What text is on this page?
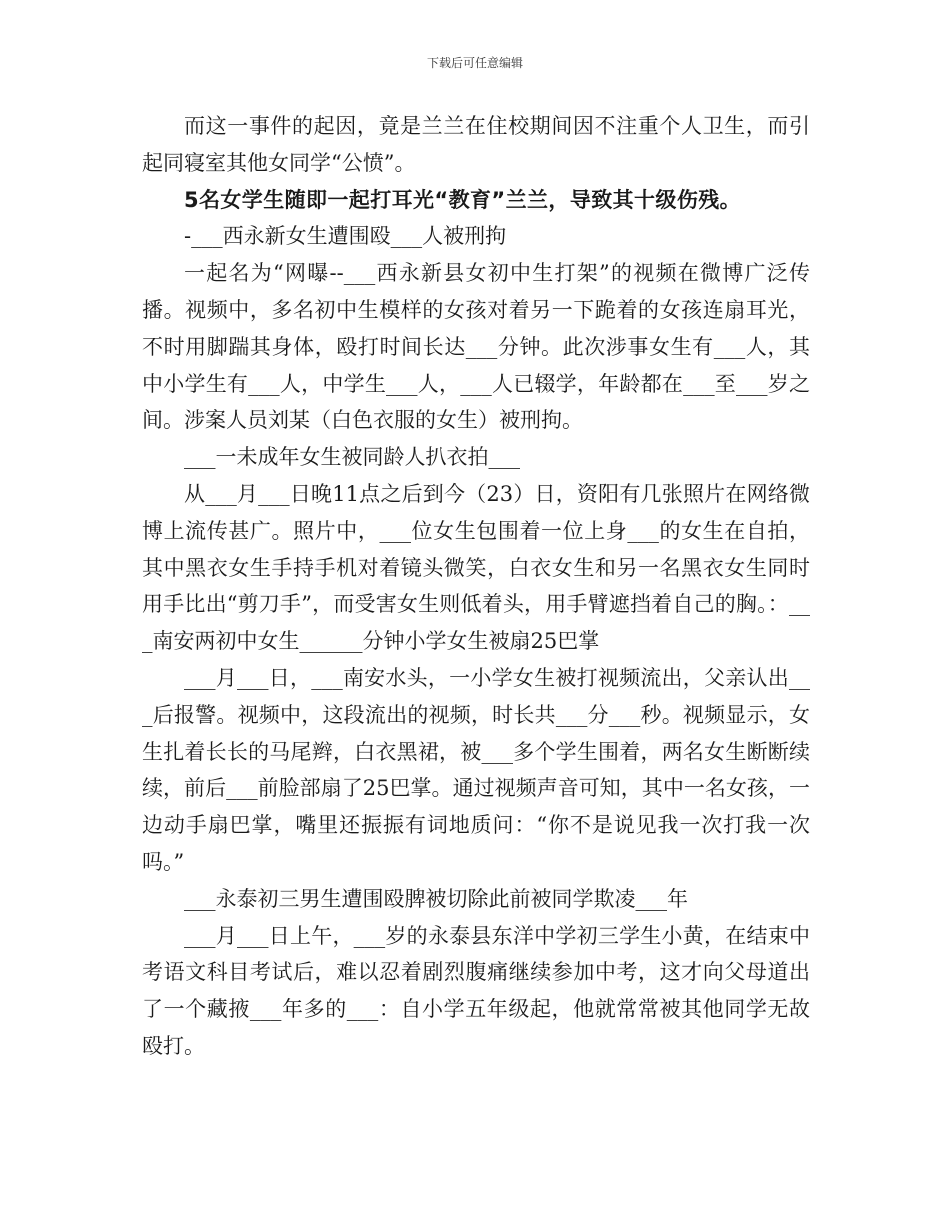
下载后可任意编辑

而这一事件的起因，竟是兰兰在住校期间因不注重个人卫生，而引起同寝室其他女同学“公愤”。

5名女学生随即一起打耳光“教育”兰兰，导致其十级伤残。

-___西永新女生遭围殴___人被刑拘

一起名为“网曝--___西永新县女初中生打架”的视频在微博广泛传播。视频中，多名初中生模样的女孩对着另一下跪着的女孩连扇耳光，不时用脚踹其身体，殴打时间长达___分钟。此次涉事女生有___人，其中小学生有___人，中学生___人，___人已辍学，年龄都在___至___岁之间。涉案人员刘某（白色衣服的女生）被刑拘。

___一未成年女生被同龄人扒衣拍___

从___月___日晚11点之后到今（23）日，资阳有几张照片在网络微博上流传甚广。照片中，___位女生包围着一位上身___的女生在自拍，其中黑衣女生手持手机对着镜头微笑，白衣女生和另一名黑衣女生同时用手比出“剪刀手”，而受害女生则低着头，用手臂遮挡着自己的胸。：___南安两初中女生______分钟小学女生被扇25巴掌

___月___日，___南安水头，一小学女生被打视频流出，父亲认出___后报警。视频中，这段流出的视频，时长共___分___秒。视频显示，女生扎着长长的马尾辫，白衣黑裙，被___多个学生围着，两名女生断断续续，前后___前脸部扇了25巴掌。通过视频声音可知，其中一名女孩，一边动手扇巴掌，嘴里还振振有词地质问：“你不是说见我一次打我一次吗。”

___永泰初三男生遭围殴脾被切除此前被同学欺凌___年

___月___日上午，___岁的永泰县东洋中学初三学生小黄，在结束中考语文科目考试后，难以忍着剧烈腹痛继续参加中考，这才向父母道出了一个藏掖___年多的___：自小学五年级起，他就常常被其他同学无故殴打。
